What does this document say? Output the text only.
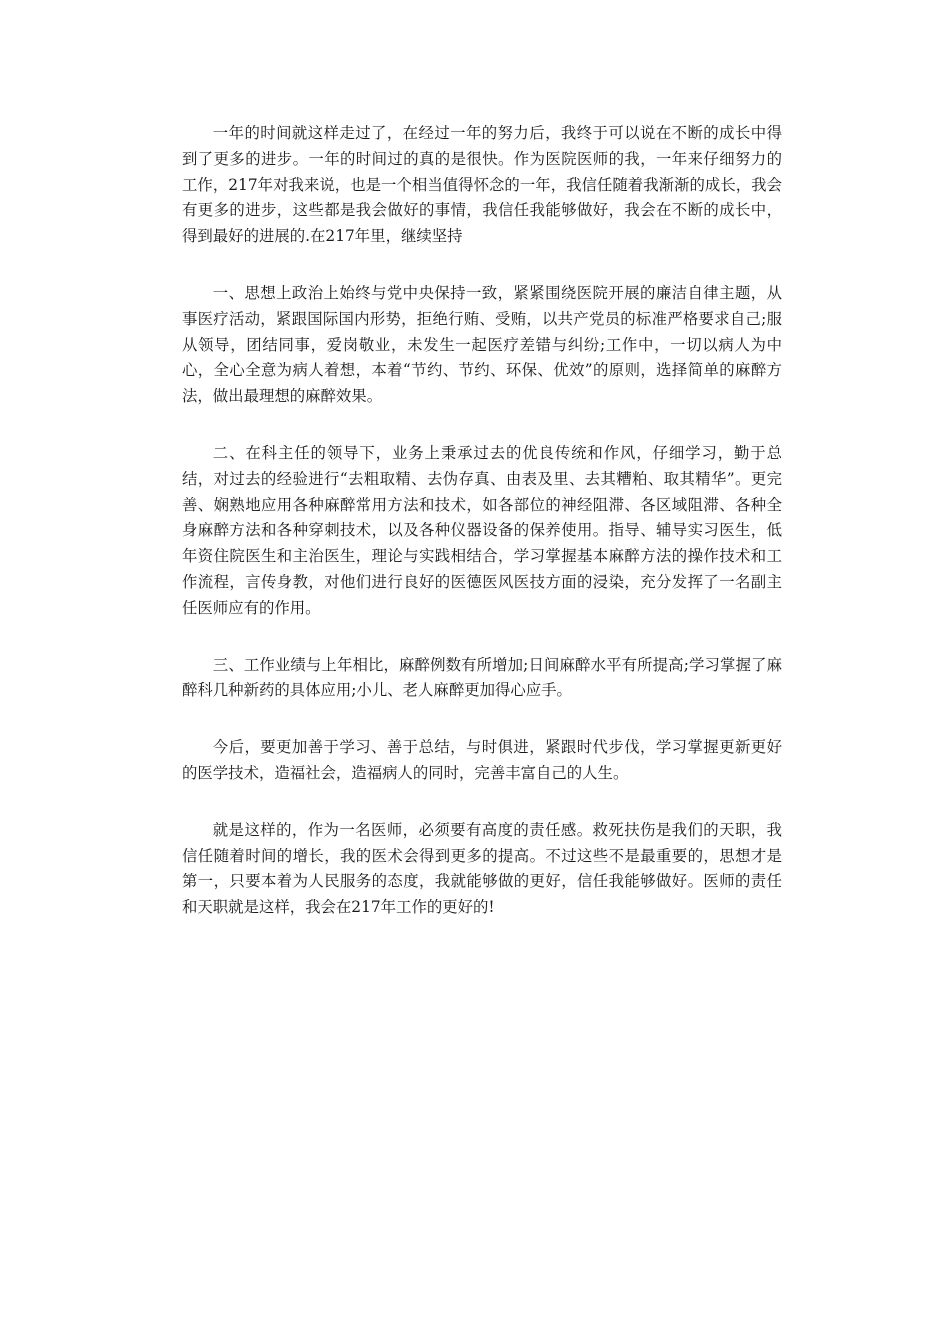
一年的时间就这样走过了，在经过一年的努力后，我终于可以说在不断的成长中得到了更多的进步。一年的时间过的真的是很快。作为医院医师的我，一年来仔细努力的工作，217年对我来说，也是一个相当值得怀念的一年，我信任随着我渐渐的成长，我会有更多的进步，这些都是我会做好的事情，我信任我能够做好，我会在不断的成长中，得到最好的进展的.在217年里，继续坚持

一、思想上政治上始终与党中央保持一致，紧紧围绕医院开展的廉洁自律主题，从事医疗活动，紧跟国际国内形势，拒绝行贿、受贿，以共产党员的标准严格要求自己;服从领导，团结同事，爱岗敬业，未发生一起医疗差错与纠纷;工作中，一切以病人为中心，全心全意为病人着想，本着“节约、节约、环保、优效”的原则，选择简单的麻醉方法，做出最理想的麻醉效果。

二、在科主任的领导下，业务上秉承过去的优良传统和作风，仔细学习，勤于总结，对过去的经验进行“去粗取精、去伪存真、由表及里、去其糟粕、取其精华”。更完善、娴熟地应用各种麻醉常用方法和技术，如各部位的神经阻滞、各区域阻滞、各种全身麻醉方法和各种穿刺技术，以及各种仪器设备的保养使用。指导、辅导实习医生，低年资住院医生和主治医生，理论与实践相结合，学习掌握基本麻醉方法的操作技术和工作流程，言传身教，对他们进行良好的医德医风医技方面的浸染，充分发挥了一名副主任医师应有的作用。

三、工作业绩与上年相比，麻醉例数有所增加;日间麻醉水平有所提高;学习掌握了麻醉科几种新药的具体应用;小儿、老人麻醉更加得心应手。

今后，要更加善于学习、善于总结，与时俱进，紧跟时代步伐，学习掌握更新更好的医学技术，造福社会，造福病人的同时，完善丰富自己的人生。

就是这样的，作为一名医师，必须要有高度的责任感。救死扶伤是我们的天职，我信任随着时间的增长，我的医术会得到更多的提高。不过这些不是最重要的，思想才是第一，只要本着为人民服务的态度，我就能够做的更好，信任我能够做好。医师的责任和天职就是这样，我会在217年工作的更好的!
